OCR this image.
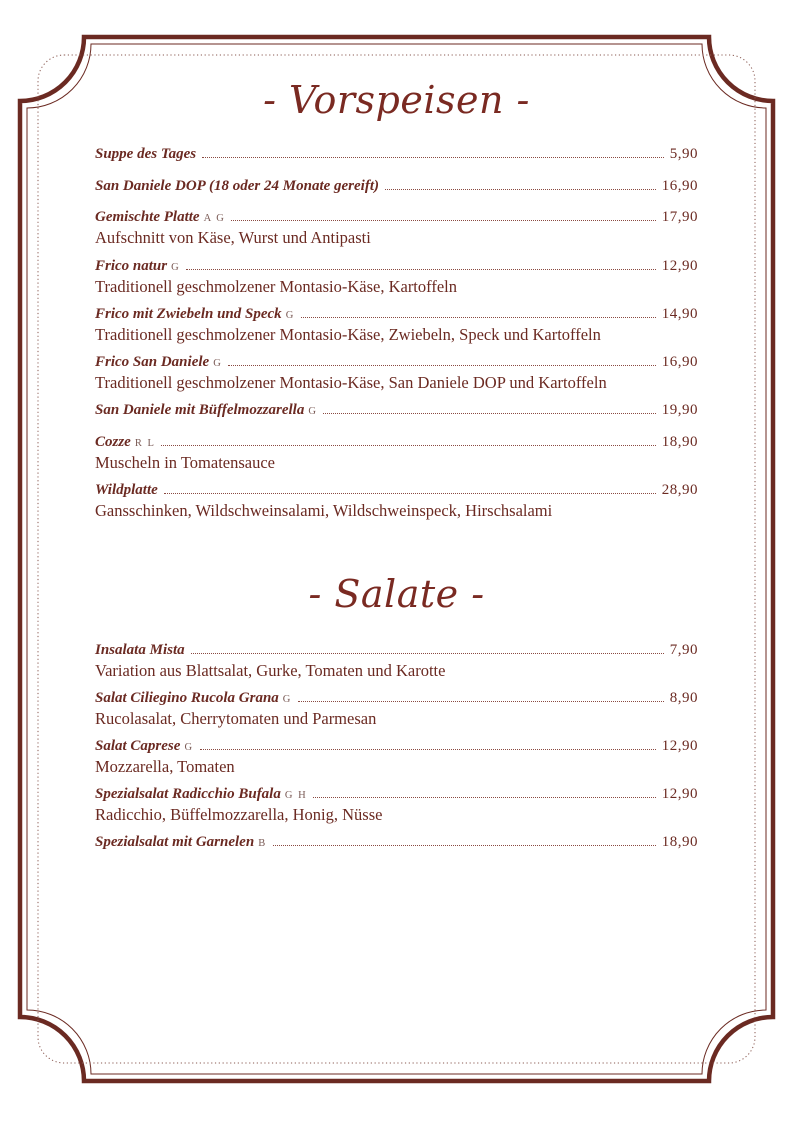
- Vorspeisen -
Suppe des Tages	5,90
San Daniele DOP (18 oder 24 Monate gereift)	16,90
Gemischte Platte A G	17,90
Aufschnitt von Käse, Wurst und Antipasti
Frico natur G	12,90
Traditionell geschmolzener Montasio-Käse, Kartoffeln
Frico mit Zwiebeln und Speck G	14,90
Traditionell geschmolzener Montasio-Käse, Zwiebeln, Speck und Kartoffeln
Frico San Daniele G	16,90
Traditionell geschmolzener Montasio-Käse, San Daniele DOP und Kartoffeln
San Daniele mit Büffelmozzarella G	19,90
Cozze R L	18,90
Muscheln in Tomatensauce
Wildplatte	28,90
Gansschinken, Wildschweinsalami, Wildschweinspeck, Hirschsalami
- Salate -
Insalata Mista	7,90
Variation aus Blattsalat, Gurke, Tomaten und Karotte
Salat Ciliegino Rucola Grana G	8,90
Rucolasalat, Cherrytomaten und Parmesan
Salat Caprese G	12,90
Mozzarella, Tomaten
Spezialsalat Radicchio Bufala G H	12,90
Radicchio, Büffelmozzarella, Honig, Nüsse
Spezialsalat mit Garnelen B	18,90
